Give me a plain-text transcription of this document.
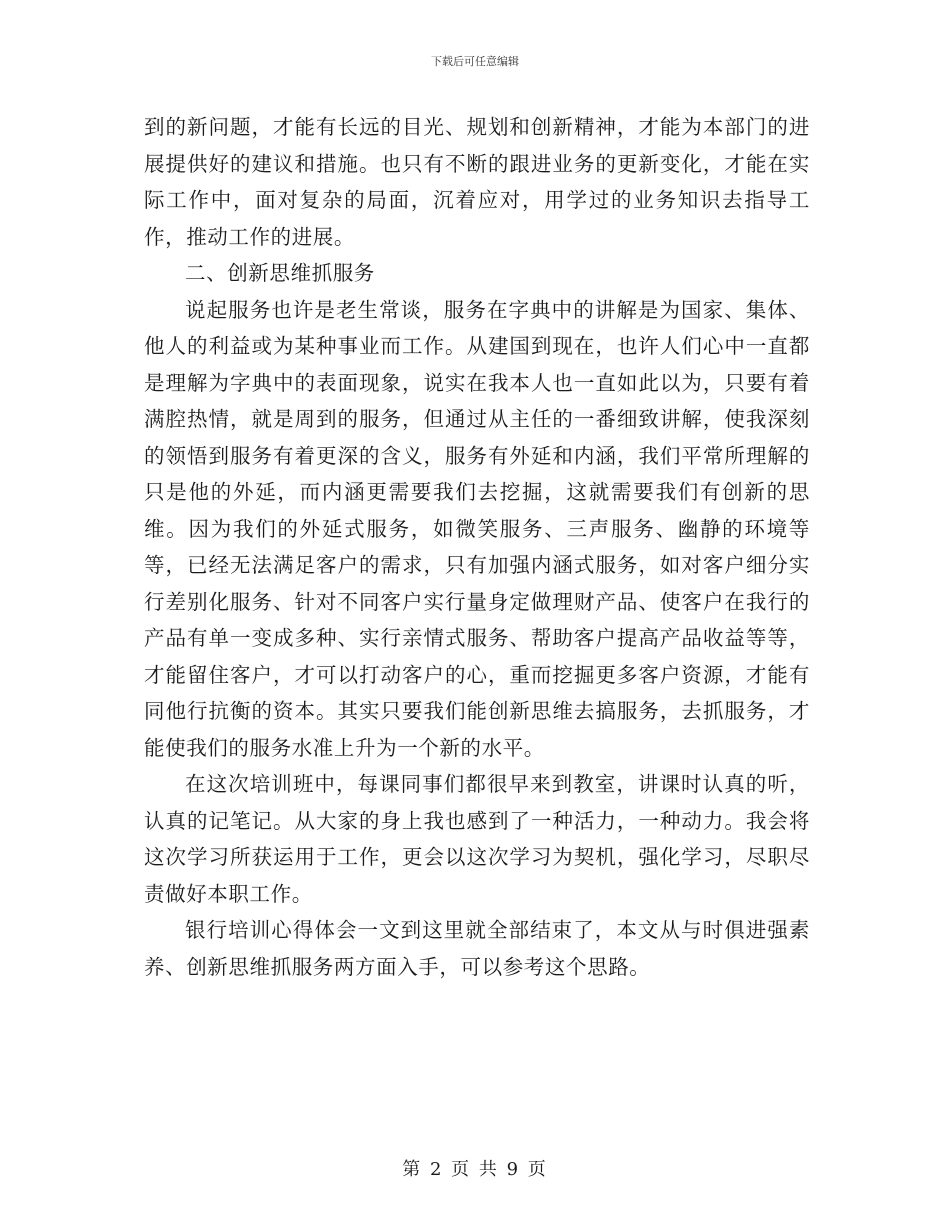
下载后可任意编辑

到的新问题，才能有长远的目光、规划和创新精神，才能为本部门的进展提供好的建议和措施。也只有不断的跟进业务的更新变化，才能在实际工作中，面对复杂的局面，沉着应对，用学过的业务知识去指导工作，推动工作的进展。

二、创新思维抓服务

说起服务也许是老生常谈，服务在字典中的讲解是为国家、集体、他人的利益或为某种事业而工作。从建国到现在，也许人们心中一直都是理解为字典中的表面现象，说实在我本人也一直如此以为，只要有着满腔热情，就是周到的服务，但通过从主任的一番细致讲解，使我深刻的领悟到服务有着更深的含义，服务有外延和内涵，我们平常所理解的只是他的外延，而内涵更需要我们去挖掘，这就需要我们有创新的思维。因为我们的外延式服务，如微笑服务、三声服务、幽静的环境等等，已经无法满足客户的需求，只有加强内涵式服务，如对客户细分实行差别化服务、针对不同客户实行量身定做理财产品、使客户在我行的产品有单一变成多种、实行亲情式服务、帮助客户提高产品收益等等，才能留住客户，才可以打动客户的心，重而挖掘更多客户资源，才能有同他行抗衡的资本。其实只要我们能创新思维去搞服务，去抓服务，才能使我们的服务水准上升为一个新的水平。

在这次培训班中，每课同事们都很早来到教室，讲课时认真的听，认真的记笔记。从大家的身上我也感到了一种活力，一种动力。我会将这次学习所获运用于工作，更会以这次学习为契机，强化学习，尽职尽责做好本职工作。

银行培训心得体会一文到这里就全部结束了，本文从与时俱进强素养、创新思维抓服务两方面入手，可以参考这个思路。

第 2 页 共 9 页
